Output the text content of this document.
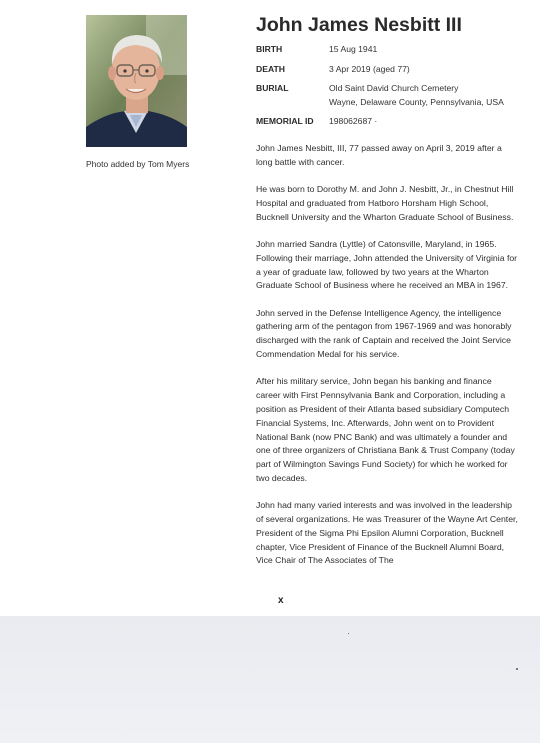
Photo added by Tom Myers
John James Nesbitt III
BIRTH	15 Aug 1941
DEATH	3 Apr 2019 (aged 77)
BURIAL	Old Saint David Church Cemetery
Wayne, Delaware County, Pennsylvania, USA
MEMORIAL ID	198062687 ·

John James Nesbitt, III, 77 passed away on April 3, 2019 after a long battle with cancer.

He was born to Dorothy M. and John J. Nesbitt, Jr., in Chestnut Hill Hospital and graduated from Hatboro Horsham High School, Bucknell University and the Wharton Graduate School of Business.

John married Sandra (Lyttle) of Catonsville, Maryland, in 1965. Following their marriage, John attended the University of Virginia for a year of graduate law, followed by two years at the Wharton Graduate School of Business where he received an MBA in 1967.

John served in the Defense Intelligence Agency, the intelligence gathering arm of the pentagon from 1967-1969 and was honorably discharged with the rank of Captain and received the Joint Service Commendation Medal for his service.

After his military service, John began his banking and finance career with First Pennsylvania Bank and Corporation, including a position as President of their Atlanta based subsidiary Computech Financial Systems, Inc. Afterwards, John went on to Provident National Bank (now PNC Bank) and was ultimately a founder and one of three organizers of Christiana Bank & Trust Company (today part of Wilmington Savings Fund Society) for which he worked for two decades.

John had many varied interests and was involved in the leadership of several organizations. He was Treasurer of the Wayne Art Center, President of the Sigma Phi Epsilon Alumni Corporation, Bucknell chapter, Vice President of Finance of the Bucknell Alumni Board, Vice Chair of The Associates of The

x
